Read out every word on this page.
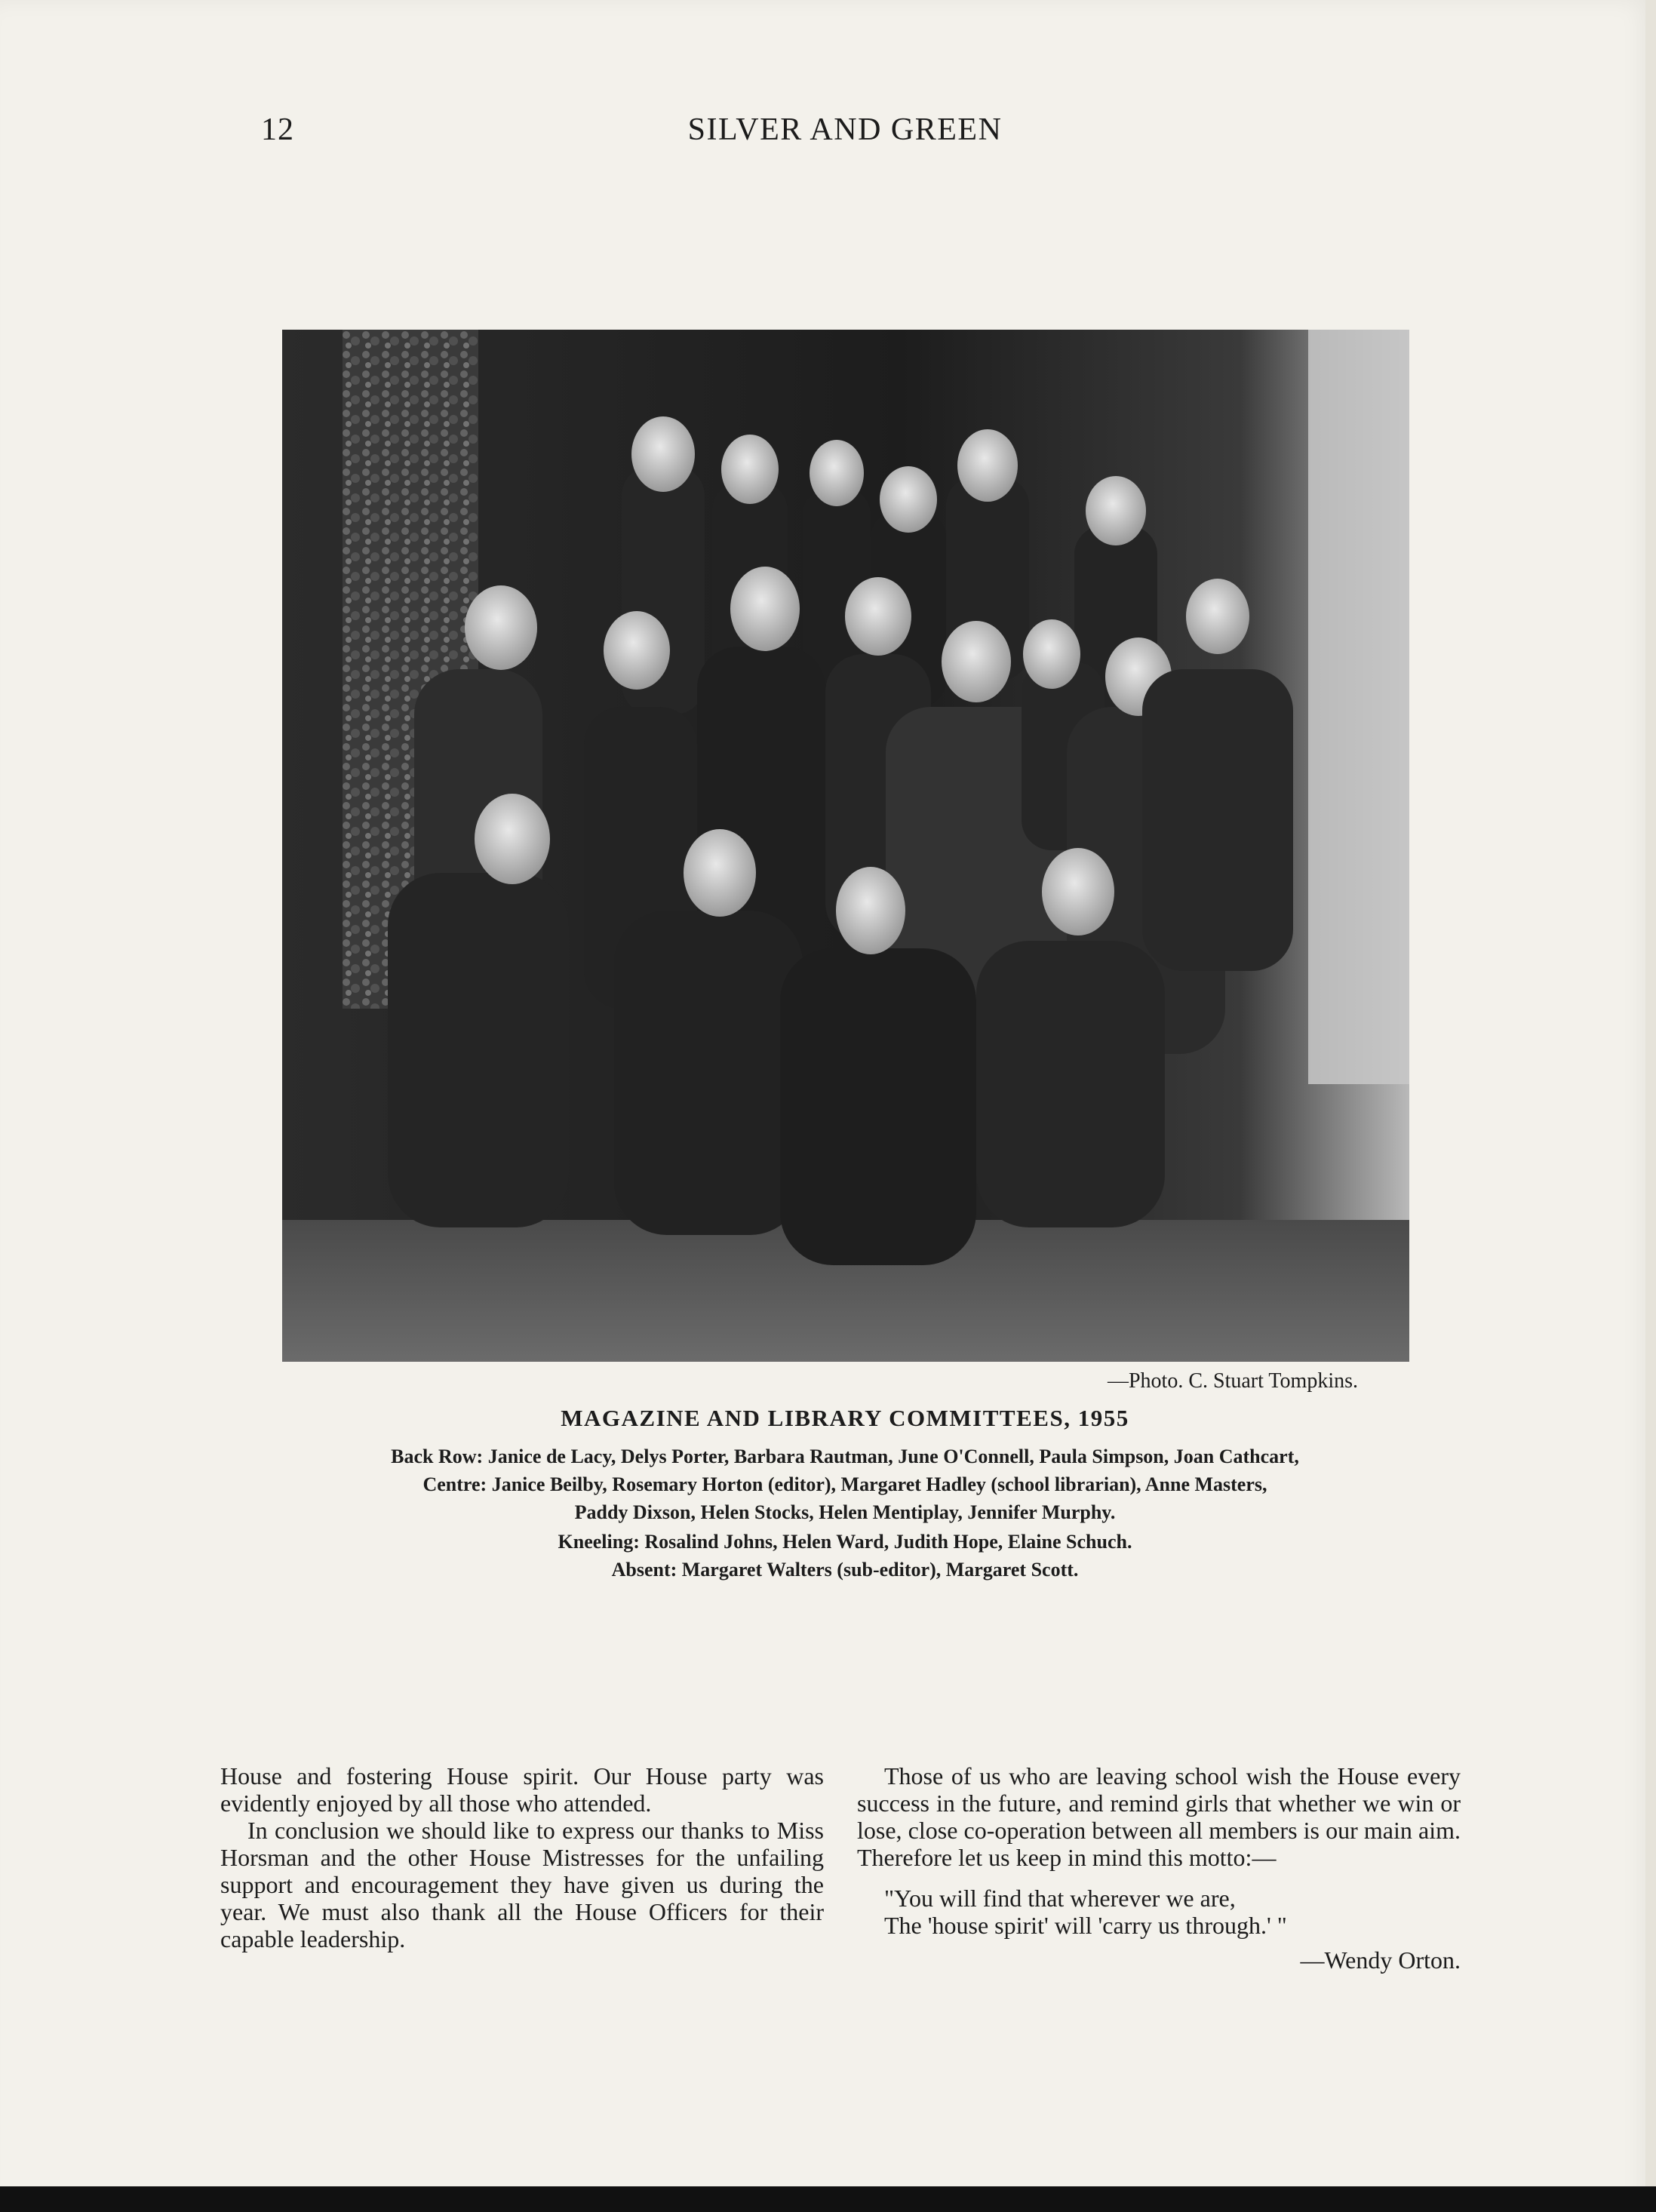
12	SILVER AND GREEN
—Photo. C. Stuart Tompkins.
MAGAZINE AND LIBRARY COMMITTEES, 1955
Back Row: Janice de Lacy, Delys Porter, Barbara Rautman, June O'Connell, Paula Simpson, Joan Cathcart,
Centre: Janice Beilby, Rosemary Horton (editor), Margaret Hadley (school librarian), Anne Masters,
Paddy Dixson, Helen Stocks, Helen Mentiplay, Jennifer Murphy.
Kneeling: Rosalind Johns, Helen Ward, Judith Hope, Elaine Schuch.
Absent: Margaret Walters (sub-editor), Margaret Scott.

House and fostering House spirit. Our House party was evidently enjoyed by all those who attended.

In conclusion we should like to express our thanks to Miss Horsman and the other House Mistresses for the unfailing support and encouragement they have given us during the year. We must also thank all the House Officers for their capable leadership.

Those of us who are leaving school wish the House every success in the future, and remind girls that whether we win or lose, close co-operation between all members is our main aim. Therefore let us keep in mind this motto:—

"You will find that wherever we are,
The 'house spirit' will 'carry us through.' "

—Wendy Orton.
